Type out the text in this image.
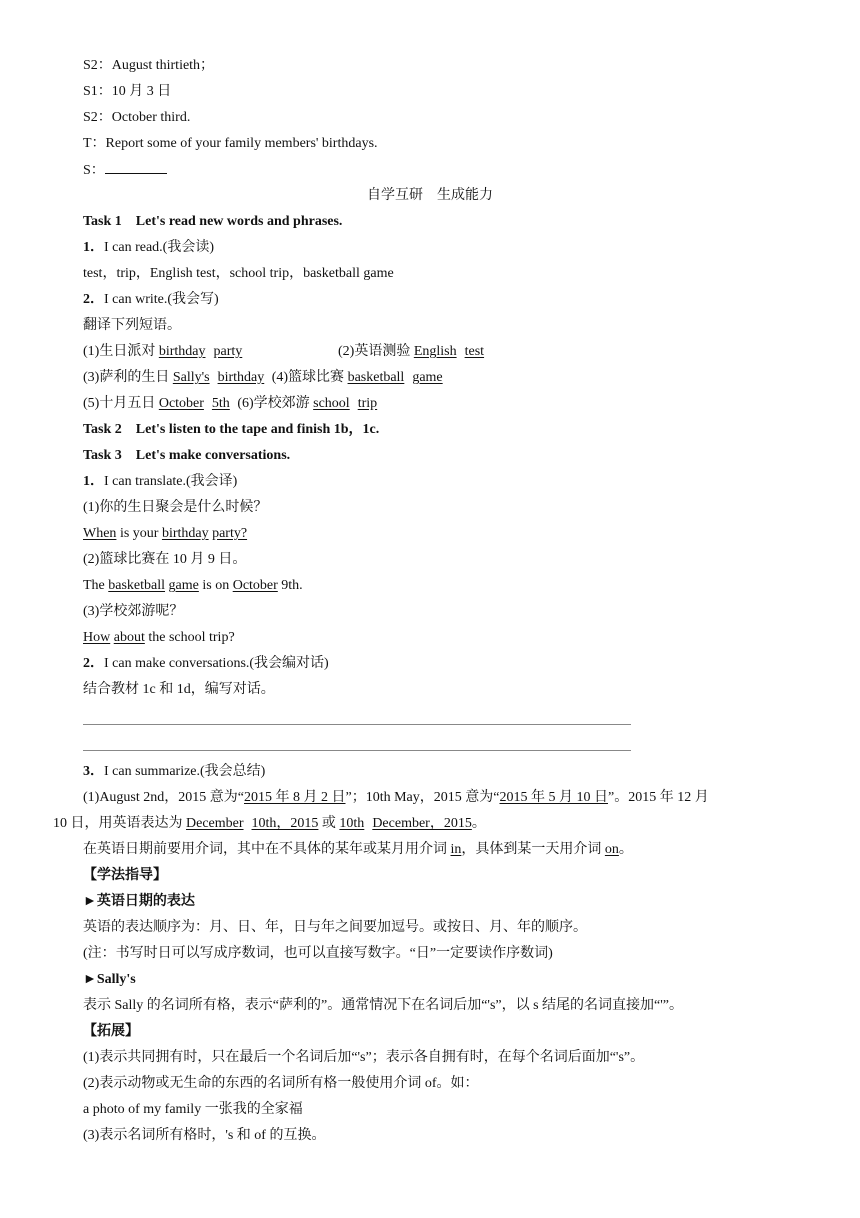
S2：August thirtieth；
S1：10 月 3 日
S2：October third.
T：Report some of your family members' birthdays.
S：
自学互研　生成能力
Task 1　Let's read new words and phrases.
1．I can read.(我会读)
test，trip，English test，school trip，basketball game
2．I can write.(我会写)
翻译下列短语。
(1)生日派对 birthday party	(2)英语测验 English test
(3)萨利的生日 Sally's birthday (4)篮球比赛 basketball game
(5)十月五日 October 5th (6)学校郊游 school trip
Task 2　Let's listen to the tape and finish 1b，1c.
Task 3　Let's make conversations.
1．I can translate.(我会译)
(1)你的生日聚会是什么时候？
When is your birthday party?
(2)篮球比赛在 10 月 9 日。
The basketball game is on October 9th.
(3)学校郊游呢？
How about the school trip?
2．I can make conversations.(我会编对话)
结合教材 1c 和 1d，编写对话。
3．I can summarize.(我会总结)
(1)August 2nd，2015 意为“2015 年 8 月 2 日”；10th May，2015 意为“2015 年 5 月 10 日”。2015 年 12 月
10 日，用英语表达为 December 10th，2015 或 10th December，2015。
在英语日期前要用介词，其中在不具体的某年或某月用介词 in，具体到某一天用介词 on。
【学法指导】
►英语日期的表达
英语的表达顺序为：月、日、年，日与年之间要加逗号。或按日、月、年的顺序。
(注：书写时日可以写成序数词，也可以直接写数字。“日”一定要读作序数词)
►Sally's
表示 Sally 的名词所有格，表示“萨利的”。通常情况下在名词后加“'s”，以 s 结尾的名词直接加“'”。
【拓展】
(1)表示共同拥有时，只在最后一个名词后加“'s”；表示各自拥有时，在每个名词后面加“'s”。
(2)表示动物或无生命的东西的名词所有格一般使用介词 of。如：
a photo of my family 一张我的全家福
(3)表示名词所有格时，'s 和 of 的互换。
